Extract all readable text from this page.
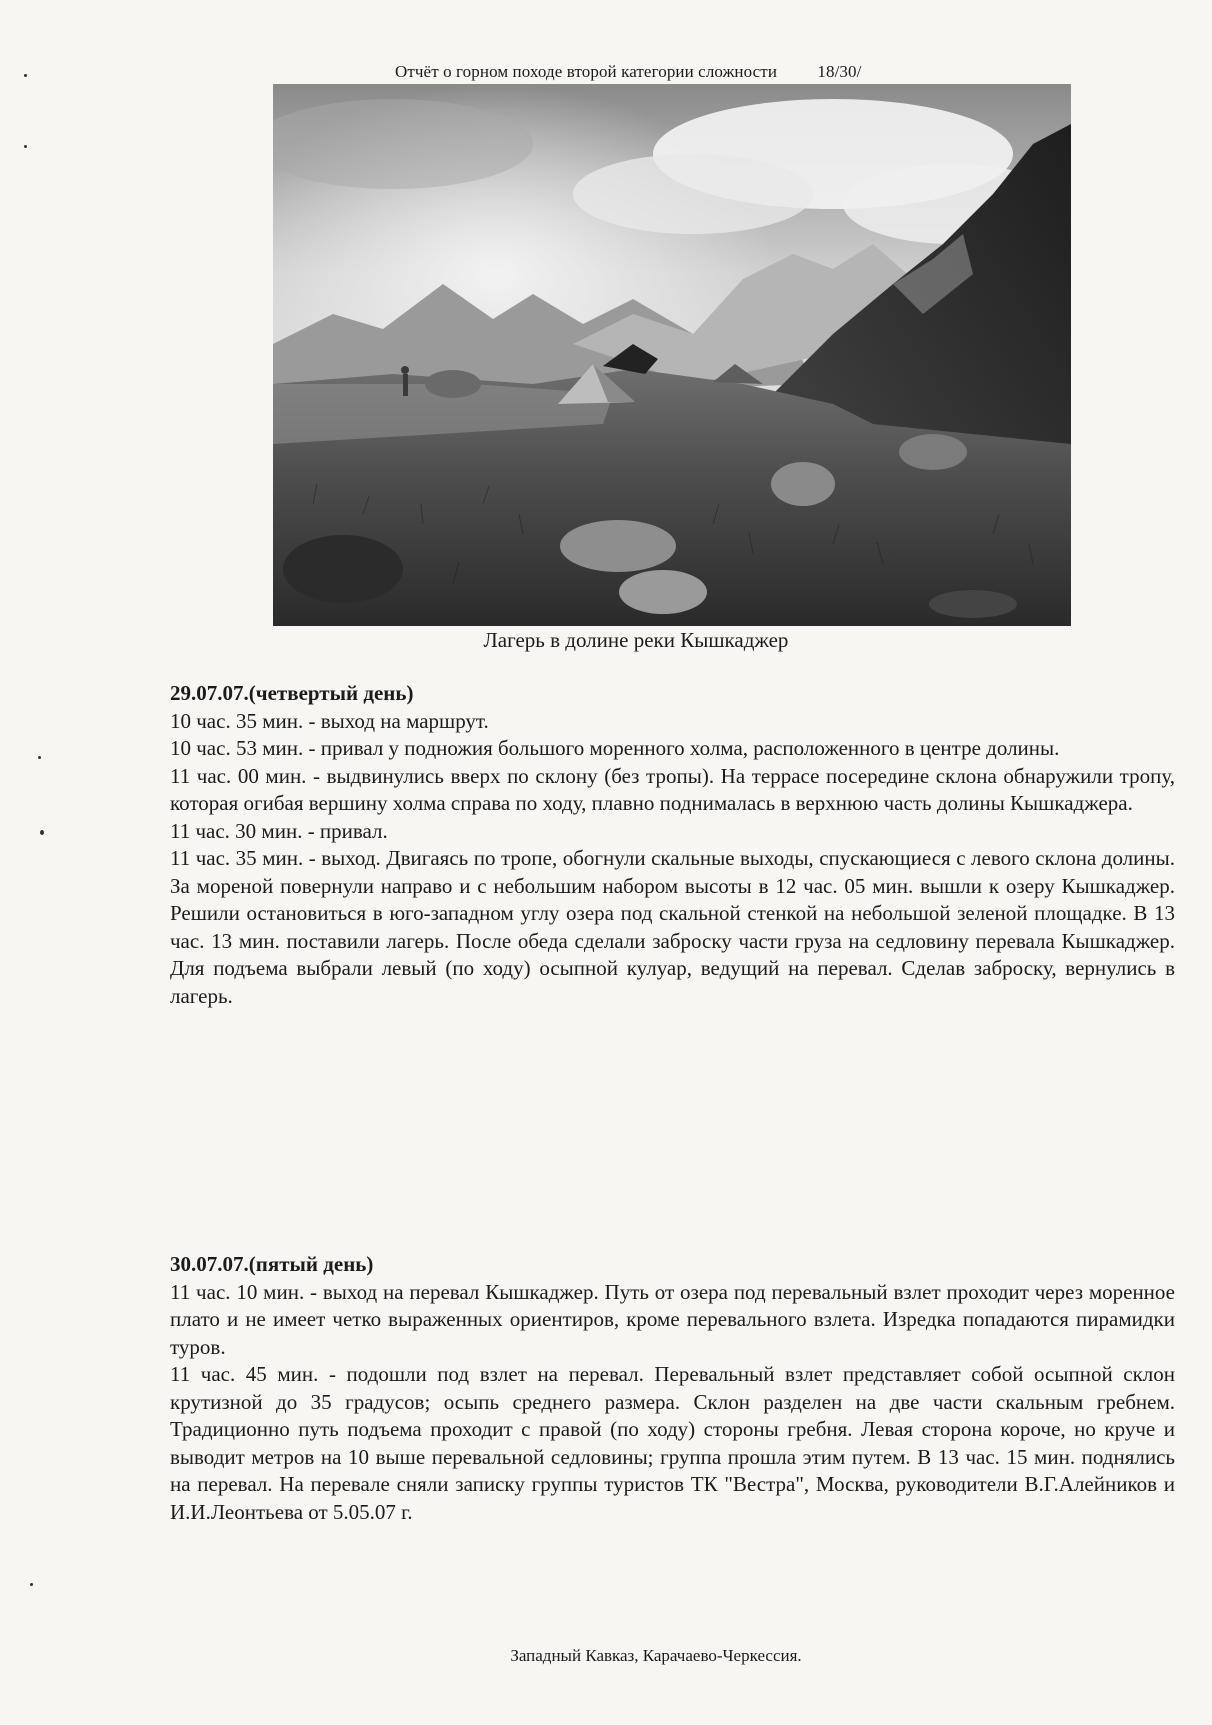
Отчёт о горном походе второй категории сложности 18/30/
Лагерь в долине реки Кышкаджер
29.07.07.(четвертый день)
10 час. 35 мин. - выход на маршрут.
10 час. 53 мин. - привал у подножия большого моренного холма, расположенного в центре долины.
11 час. 00 мин. - выдвинулись вверх по склону (без тропы). На террасе посередине склона обнаружили тропу, которая огибая вершину холма справа по ходу, плавно поднималась в верхнюю часть долины Кышкаджера.
11 час. 30 мин. - привал.
11 час. 35 мин. - выход. Двигаясь по тропе, обогнули скальные выходы, спускающиеся с левого склона долины. За мореной повернули направо и с небольшим набором высоты в 12 час. 05 мин. вышли к озеру Кышкаджер. Решили остановиться в юго-западном углу озера под скальной стенкой на небольшой зеленой площадке. В 13 час. 13 мин. поставили лагерь. После обеда сделали заброску части груза на седловину перевала Кышкаджер. Для подъема выбрали левый (по ходу) осыпной кулуар, ведущий на перевал. Сделав заброску, вернулись в лагерь.
30.07.07.(пятый день)
11 час. 10 мин. - выход на перевал Кышкаджер. Путь от озера под перевальный взлет проходит через моренное плато и не имеет четко выраженных ориентиров, кроме перевального взлета. Изредка попадаются пирамидки туров.
11 час. 45 мин. - подошли под взлет на перевал. Перевальный взлет представляет собой осыпной склон крутизной до 35 градусов; осыпь среднего размера. Склон разделен на две части скальным гребнем. Традиционно путь подъема проходит с правой (по ходу) стороны гребня. Левая сторона короче, но круче и выводит метров на 10 выше перевальной седловины; группа прошла этим путем. В 13 час. 15 мин. поднялись на перевал. На перевале сняли записку группы туристов ТК "Вестра", Москва, руководители В.Г.Алейников и И.И.Леонтьева от 5.05.07 г.
Западный Кавказ, Карачаево-Черкессия.
